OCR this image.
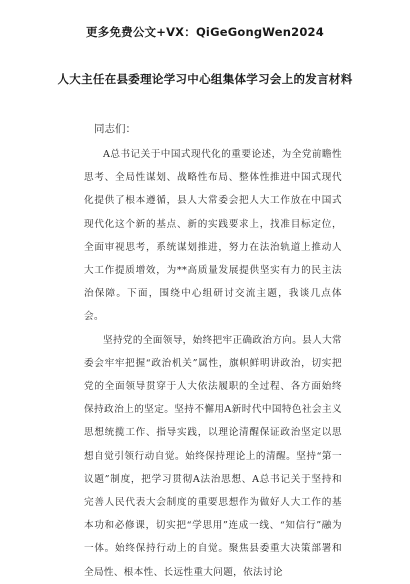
更多免费公文+VX：QiGeGongWen2024
人大主任在县委理论学习中心组集体学习会上的发言材料
同志们：

A总书记关于中国式现代化的重要论述，为全党前瞻性思考、全局性谋划、战略性布局、整体性推进中国式现代化提供了根本遵循，县人大常委会把人大工作放在中国式现代化这个新的基点、新的实践要求上，找准目标定位，全面审视思考，系统谋划推进，努力在法治轨道上推动人大工作提质增效，为**高质量发展提供坚实有力的民主法治保障。下面，围绕中心组研讨交流主题，我谈几点体会。

坚持党的全面领导，始终把牢正确政治方向。县人大常委会牢牢把握“政治机关”属性，旗帜鲜明讲政治，切实把党的全面领导贯穿于人大依法履职的全过程、各方面始终保持政治上的坚定。坚持不懈用A新时代中国特色社会主义思想统揽工作、指导实践，以理论清醒保证政治坚定以思想自觉引领行动自觉。始终保持理论上的清醒。坚持“第一议题”制度，把学习贯彻A法治思想、A总书记关于坚持和完善人民代表大会制度的重要思想作为做好人大工作的基本功和必修课，切实把“学思用”连成一线、“知信行”融为一体。始终保持行动上的自觉。聚焦县委重大决策部署和全局性、根本性、长远性重大问题，依法讨论
